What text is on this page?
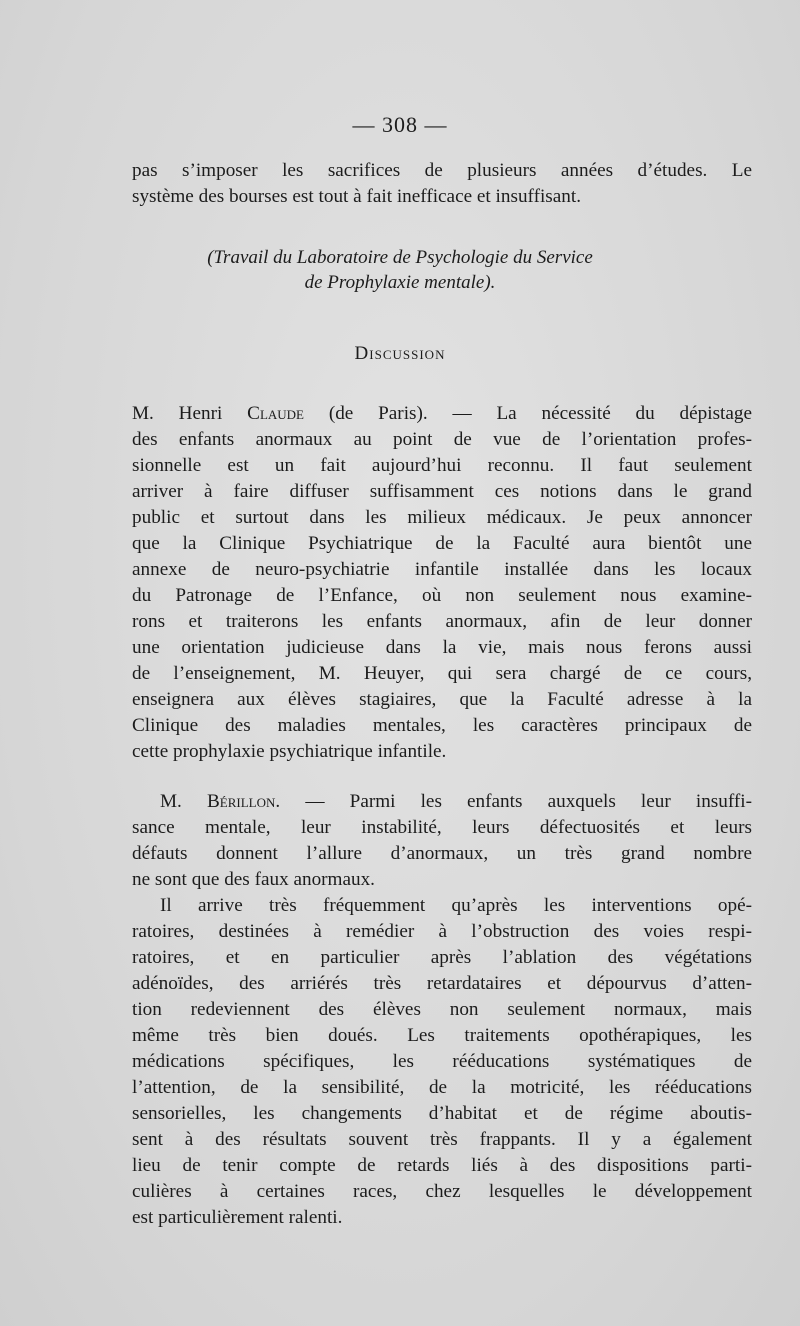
— 308 —
pas s’imposer les sacrifices de plusieurs années d’études. Le
système des bourses est tout à fait inefficace et insuffisant.
(Travail du Laboratoire de Psychologie du Service
de Prophylaxie mentale).
Discussion
M. Henri Claude (de Paris). — La nécessité du dépistage
des enfants anormaux au point de vue de l’orientation profes-
sionnelle est un fait aujourd’hui reconnu. Il faut seulement
arriver à faire diffuser suffisamment ces notions dans le grand
public et surtout dans les milieux médicaux. Je peux annoncer
que la Clinique Psychiatrique de la Faculté aura bientôt une
annexe de neuro-psychiatrie infantile installée dans les locaux
du Patronage de l’Enfance, où non seulement nous examine-
rons et traiterons les enfants anormaux, afin de leur donner
une orientation judicieuse dans la vie, mais nous ferons aussi
de l’enseignement, M. Heuyer, qui sera chargé de ce cours,
enseignera aux élèves stagiaires, que la Faculté adresse à la
Clinique des maladies mentales, les caractères principaux de
cette prophylaxie psychiatrique infantile.
M. Bérillon. — Parmi les enfants auxquels leur insuffi-
sance mentale, leur instabilité, leurs défectuosités et leurs
défauts donnent l’allure d’anormaux, un très grand nombre
ne sont que des faux anormaux.
Il arrive très fréquemment qu’après les interventions opé-
ratoires, destinées à remédier à l’obstruction des voies respi-
ratoires, et en particulier après l’ablation des végétations
adénoïdes, des arriérés très retardataires et dépourvus d’atten-
tion redeviennent des élèves non seulement normaux, mais
même très bien doués. Les traitements opothérapiques, les
médications spécifiques, les rééducations systématiques de
l’attention, de la sensibilité, de la motricité, les rééducations
sensorielles, les changements d’habitat et de régime aboutis-
sent à des résultats souvent très frappants. Il y a également
lieu de tenir compte de retards liés à des dispositions parti-
culières à certaines races, chez lesquelles le développement
est particulièrement ralenti.
